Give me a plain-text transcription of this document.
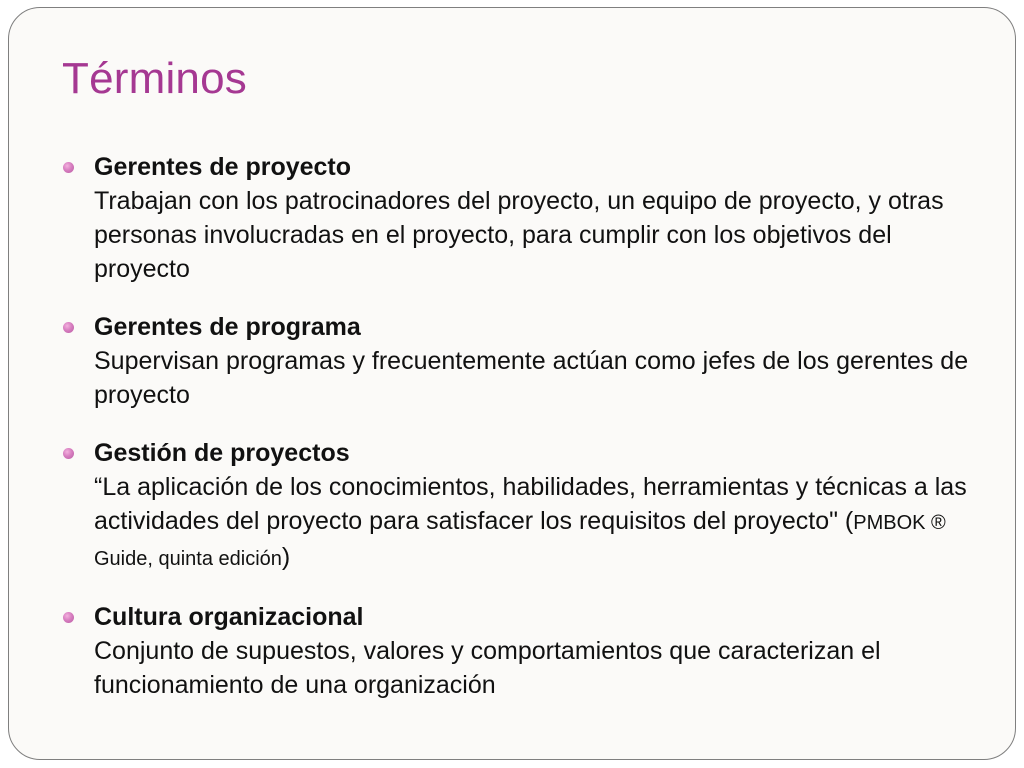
Términos
Gerentes de proyecto
Trabajan con los patrocinadores del proyecto, un equipo de proyecto, y otras personas involucradas en el proyecto, para cumplir con los objetivos del proyecto
Gerentes de programa
Supervisan programas y frecuentemente actúan como jefes de los gerentes de proyecto
Gestión de proyectos
“La aplicación de los conocimientos, habilidades, herramientas y técnicas a las actividades del proyecto para satisfacer los requisitos del proyecto" (PMBOK ® Guide, quinta edición)
Cultura organizacional
Conjunto de supuestos, valores y comportamientos que caracterizan el funcionamiento de una organización
